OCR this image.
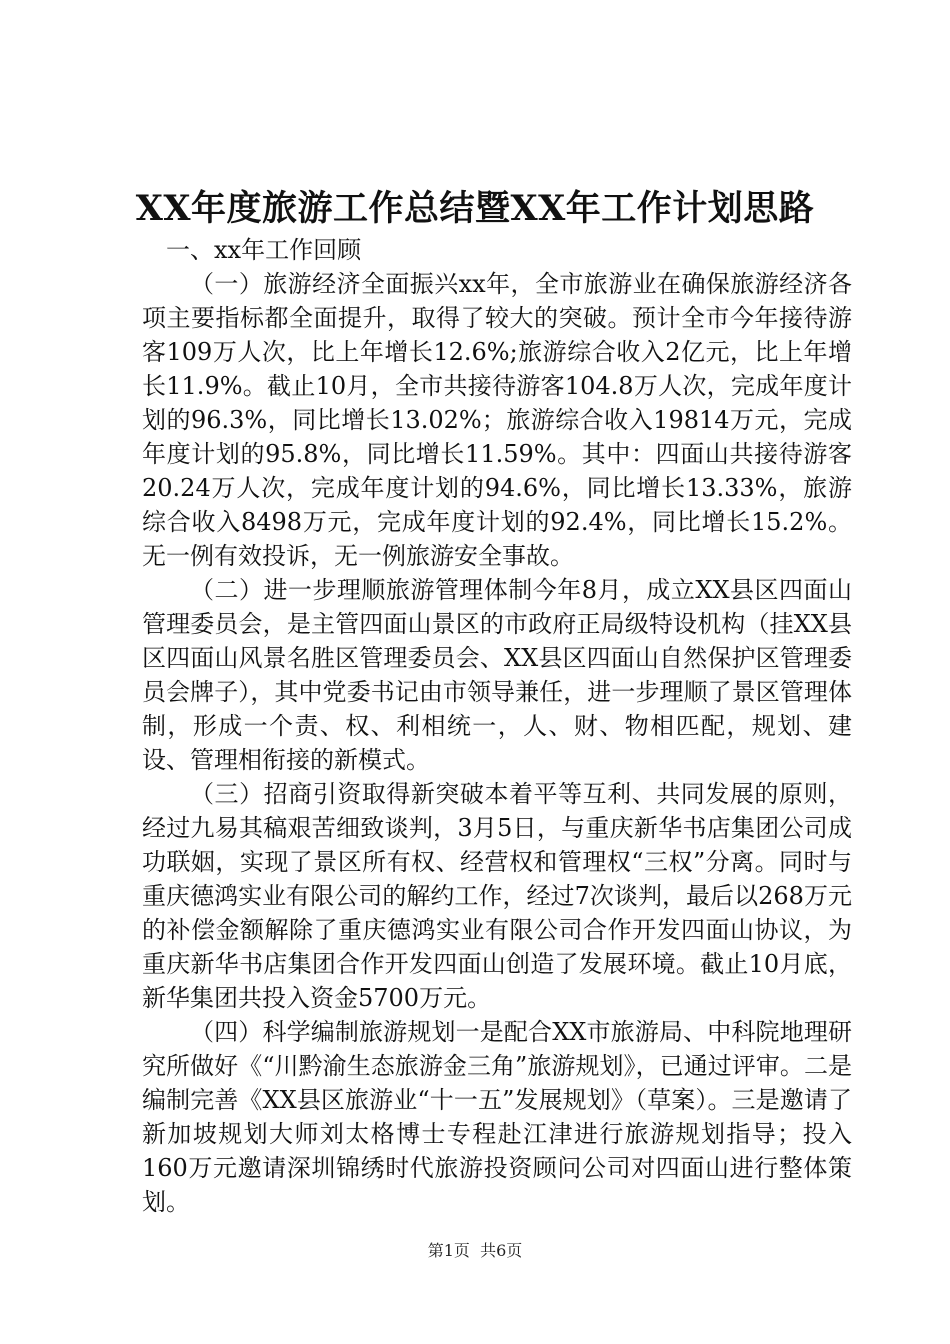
XX年度旅游工作总结暨XX年工作计划思路

一、xx年工作回顾

（一）旅游经济全面振兴xx年，全市旅游业在确保旅游经济各项主要指标都全面提升，取得了较大的突破。预计全市今年接待游客109万人次，比上年增长12.6%;旅游综合收入2亿元，比上年增长11.9%。截止10月，全市共接待游客104.8万人次，完成年度计划的96.3%，同比增长13.02%；旅游综合收入19814万元，完成年度计划的95.8%，同比增长11.59%。其中：四面山共接待游客20.24万人次，完成年度计划的94.6%，同比增长13.33%，旅游综合收入8498万元，完成年度计划的92.4%，同比增长15.2%。无一例有效投诉，无一例旅游安全事故。

（二）进一步理顺旅游管理体制今年8月，成立XX县区四面山管理委员会，是主管四面山景区的市政府正局级特设机构（挂XX县区四面山风景名胜区管理委员会、XX县区四面山自然保护区管理委员会牌子），其中党委书记由市领导兼任，进一步理顺了景区管理体制，形成一个责、权、利相统一，人、财、物相匹配，规划、建设、管理相衔接的新模式。

（三）招商引资取得新突破本着平等互利、共同发展的原则，经过九易其稿艰苦细致谈判，3月5日，与重庆新华书店集团公司成功联姻，实现了景区所有权、经营权和管理权“三权”分离。同时与重庆德鸿实业有限公司的解约工作，经过7次谈判，最后以268万元的补偿金额解除了重庆德鸿实业有限公司合作开发四面山协议，为重庆新华书店集团合作开发四面山创造了发展环境。截止10月底，新华集团共投入资金5700万元。

（四）科学编制旅游规划一是配合XX市旅游局、中科院地理研究所做好《“川黔渝生态旅游金三角”旅游规划》，已通过评审。二是编制完善《XX县区旅游业“十一五”发展规划》（草案）。三是邀请了新加坡规划大师刘太格博士专程赴江津进行旅游规划指导；投入160万元邀请深圳锦绣时代旅游投资顾问公司对四面山进行整体策划。

第1页 共6页
